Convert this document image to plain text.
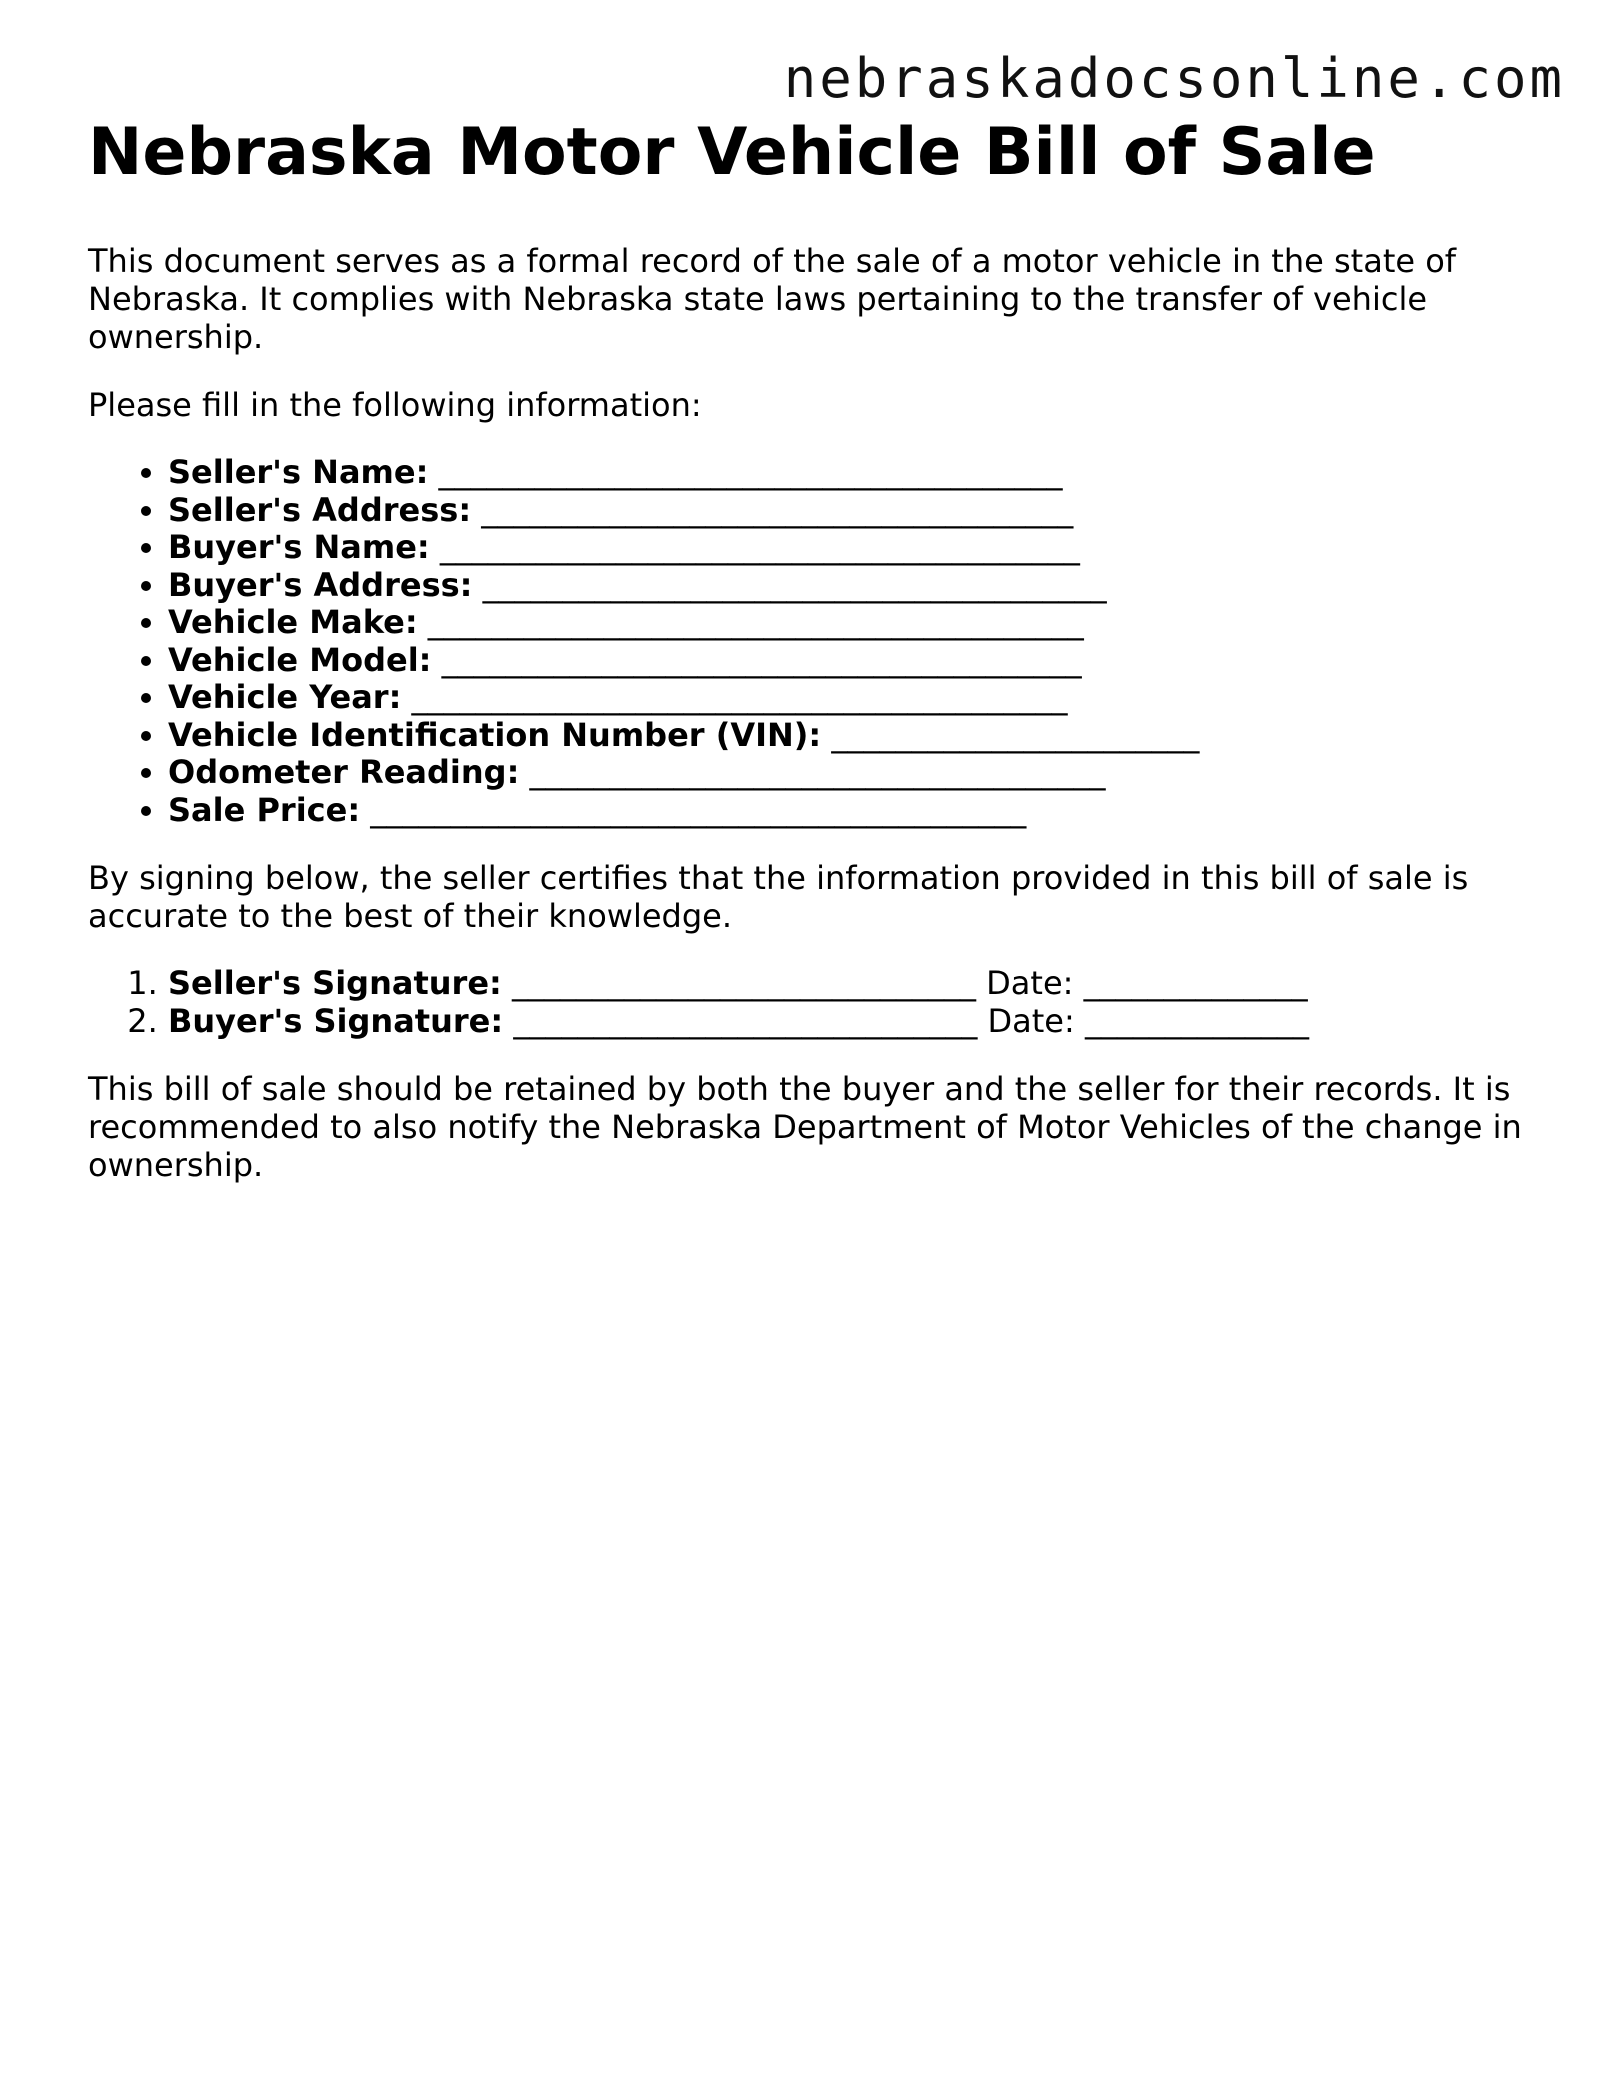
nebraskadocsonline.com
Nebraska Motor Vehicle Bill of Sale

This document serves as a formal record of the sale of a motor vehicle in the state of Nebraska. It complies with Nebraska state laws pertaining to the transfer of vehicle ownership.

Please fill in the following information:

• Seller's Name: _______________________________________
• Seller's Address: _____________________________________
• Buyer's Name: ________________________________________
• Buyer's Address: _______________________________________
• Vehicle Make: _________________________________________
• Vehicle Model: ________________________________________
• Vehicle Year: _________________________________________
• Vehicle Identification Number (VIN): _______________________
• Odometer Reading: ____________________________________
• Sale Price: _________________________________________

By signing below, the seller certifies that the information provided in this bill of sale is accurate to the best of their knowledge.

1. Seller's Signature: _____________________________ Date: ______________
2. Buyer's Signature: _____________________________ Date: ______________

This bill of sale should be retained by both the buyer and the seller for their records. It is recommended to also notify the Nebraska Department of Motor Vehicles of the change in ownership.
